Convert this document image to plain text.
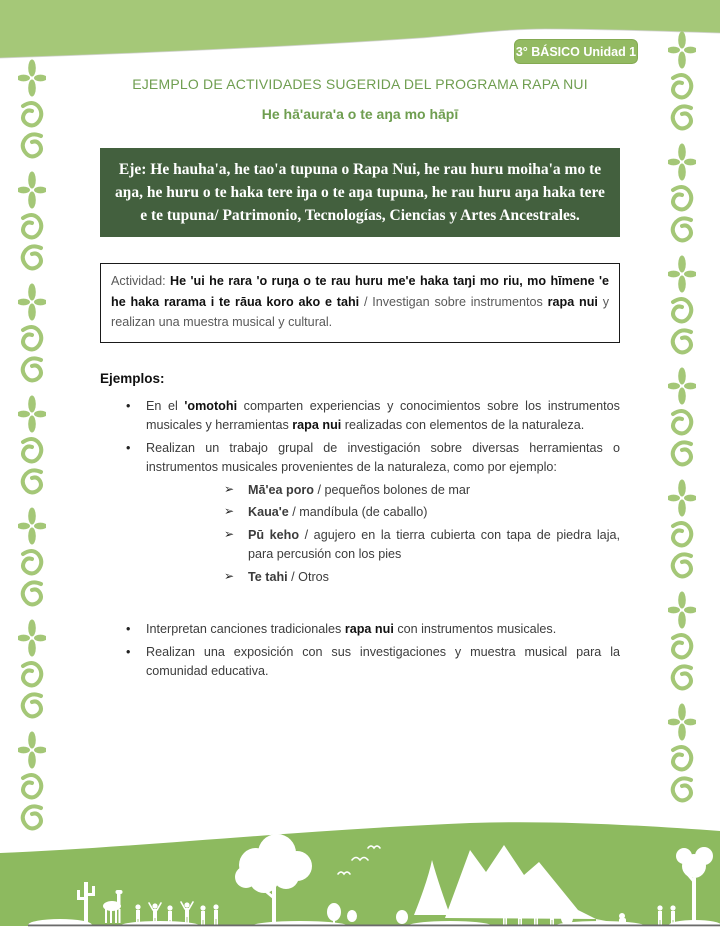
3° BÁSICO Unidad 1
EJEMPLO DE ACTIVIDADES SUGERIDA DEL PROGRAMA RAPA NUI
He hā'aura'a o te aŋa mo hāpī
Eje: He hauha'a, he tao'a tupuna o Rapa Nui, he rau huru moiha'a mo te aŋa, he huru o te haka tere iŋa o te aŋa tupuna, he rau huru aŋa haka tere e te tupuna/ Patrimonio, Tecnologías, Ciencias y Artes Ancestrales.
Actividad: He 'ui he rara 'o ruŋa o te rau huru me'e haka taŋi mo riu, mo hīmene 'e he haka rarama i te rāua koro ako e tahi / Investigan sobre instrumentos rapa nui y realizan una muestra musical y cultural.
Ejemplos:
• En el 'omotohi comparten experiencias y conocimientos sobre los instrumentos musicales y herramientas rapa nui realizadas con elementos de la naturaleza.
• Realizan un trabajo grupal de investigación sobre diversas herramientas o instrumentos musicales provenientes de la naturaleza, como por ejemplo:
➢ Mā'ea poro / pequeños bolones de mar
➢ Kaua'e / mandíbula (de caballo)
➢ Pū keho / agujero en la tierra cubierta con tapa de piedra laja, para percusión con los pies
➢ Te tahi / Otros
• Interpretan canciones tradicionales rapa nui con instrumentos musicales.
• Realizan una exposición con sus investigaciones y muestra musical para la comunidad educativa.
